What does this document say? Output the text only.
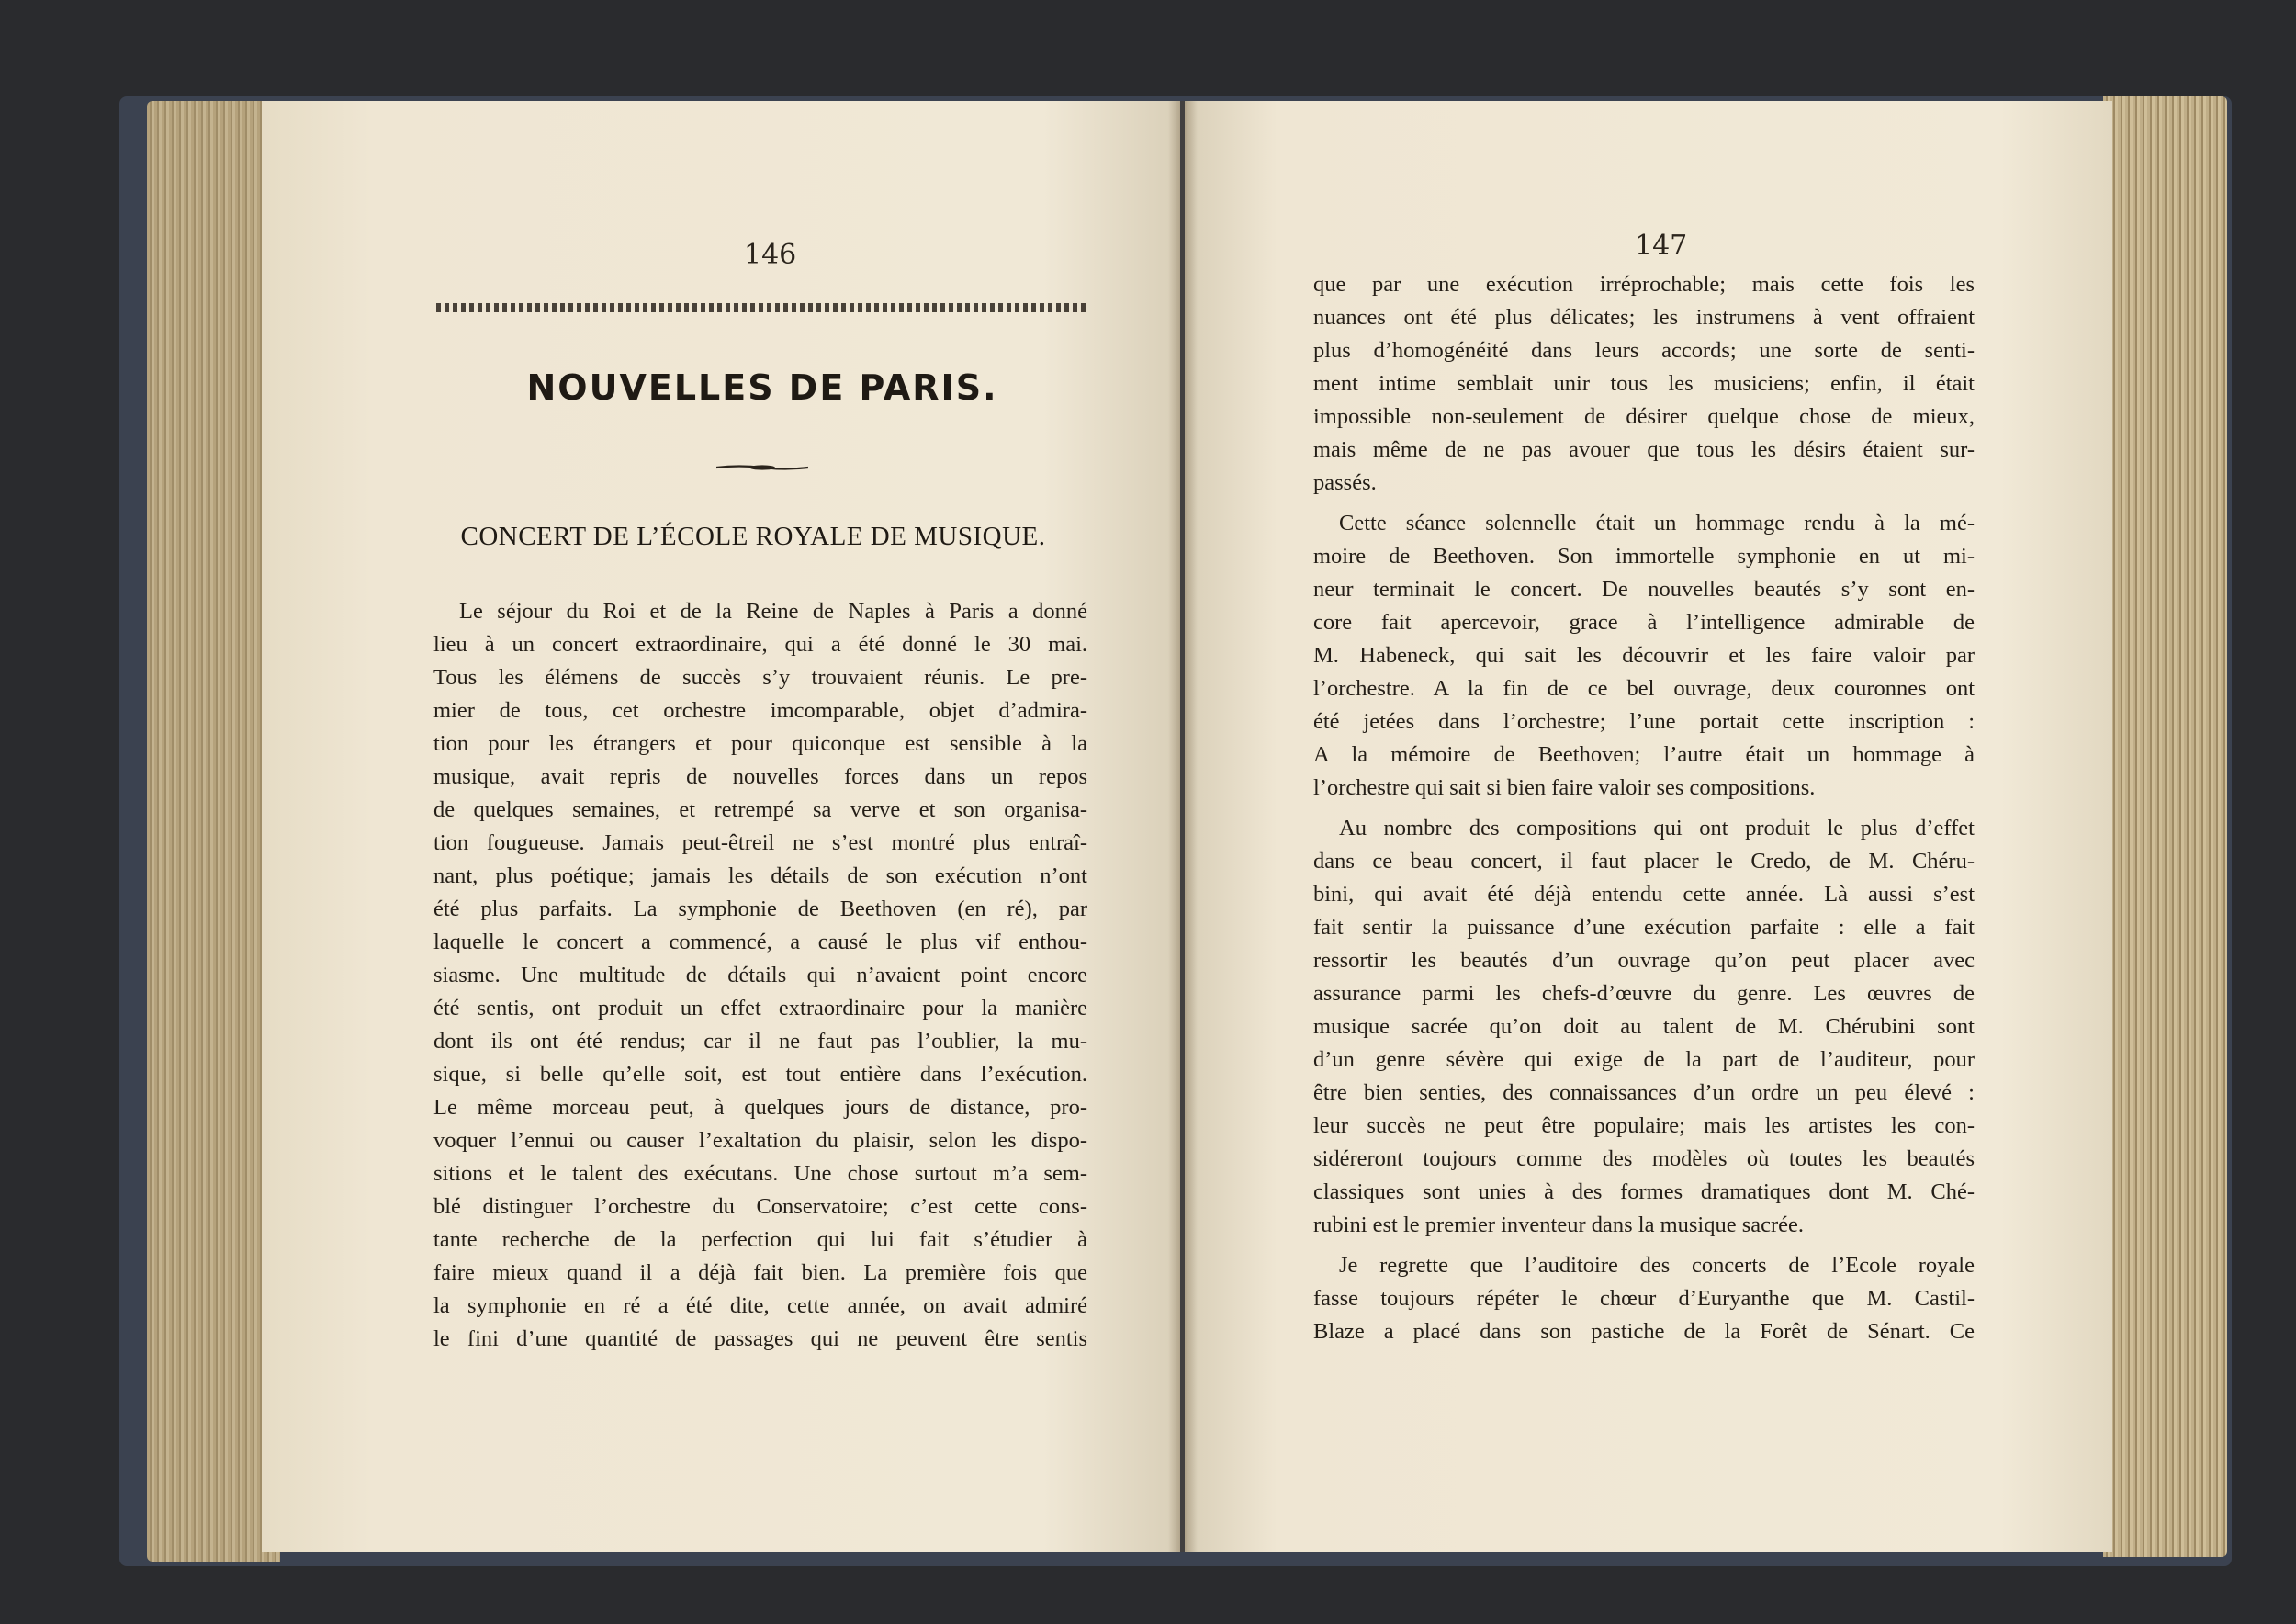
146
NOUVELLES DE PARIS.
CONCERT DE L’ÉCOLE ROYALE DE MUSIQUE.
Le séjour du Roi et de la Reine de Naples à Paris a donné
lieu à un concert extraordinaire, qui a été donné le 30 mai.
Tous les élémens de succès s’y trouvaient réunis. Le pre-
mier de tous, cet orchestre imcomparable, objet d’admira-
tion pour les étrangers et pour quiconque est sensible à la
musique, avait repris de nouvelles forces dans un repos
de quelques semaines, et retrempé sa verve et son organisa-
tion fougueuse. Jamais peut-êtreil ne s’est montré plus entraî-
nant, plus poétique; jamais les détails de son exécution n’ont
été plus parfaits. La symphonie de Beethoven (en ré), par
laquelle le concert a commencé, a causé le plus vif enthou-
siasme. Une multitude de détails qui n’avaient point encore
été sentis, ont produit un effet extraordinaire pour la manière
dont ils ont été rendus; car il ne faut pas l’oublier, la mu-
sique, si belle qu’elle soit, est tout entière dans l’exécution.
Le même morceau peut, à quelques jours de distance, pro-
voquer l’ennui ou causer l’exaltation du plaisir, selon les dispo-
sitions et le talent des exécutans. Une chose surtout m’a sem-
blé distinguer l’orchestre du Conservatoire; c’est cette cons-
tante recherche de la perfection qui lui fait s’étudier à
faire mieux quand il a déjà fait bien. La première fois que
la symphonie en ré a été dite, cette année, on avait admiré
le fini d’une quantité de passages qui ne peuvent être sentis
147
que par une exécution irréprochable; mais cette fois les
nuances ont été plus délicates; les instrumens à vent offraient
plus d’homogénéité dans leurs accords; une sorte de senti-
ment intime semblait unir tous les musiciens; enfin, il était
impossible non-seulement de désirer quelque chose de mieux,
mais même de ne pas avouer que tous les désirs étaient sur-
passés.
Cette séance solennelle était un hommage rendu à la mé-
moire de Beethoven. Son immortelle symphonie en ut mi-
neur terminait le concert. De nouvelles beautés s’y sont en-
core fait apercevoir, grace à l’intelligence admirable de
M. Habeneck, qui sait les découvrir et les faire valoir par
l’orchestre. A la fin de ce bel ouvrage, deux couronnes ont
été jetées dans l’orchestre; l’une portait cette inscription :
A la mémoire de Beethoven; l’autre était un hommage à
l’orchestre qui sait si bien faire valoir ses compositions.
Au nombre des compositions qui ont produit le plus d’effet
dans ce beau concert, il faut placer le Credo, de M. Chéru-
bini, qui avait été déjà entendu cette année. Là aussi s’est
fait sentir la puissance d’une exécution parfaite : elle a fait
ressortir les beautés d’un ouvrage qu’on peut placer avec
assurance parmi les chefs-d’œuvre du genre. Les œuvres de
musique sacrée qu’on doit au talent de M. Chérubini sont
d’un genre sévère qui exige de la part de l’auditeur, pour
être bien senties, des connaissances d’un ordre un peu élevé :
leur succès ne peut être populaire; mais les artistes les con-
sidéreront toujours comme des modèles où toutes les beautés
classiques sont unies à des formes dramatiques dont M. Ché-
rubini est le premier inventeur dans la musique sacrée.
Je regrette que l’auditoire des concerts de l’Ecole royale
fasse toujours répéter le chœur d’Euryanthe que M. Castil-
Blaze a placé dans son pastiche de la Forêt de Sénart. Ce
